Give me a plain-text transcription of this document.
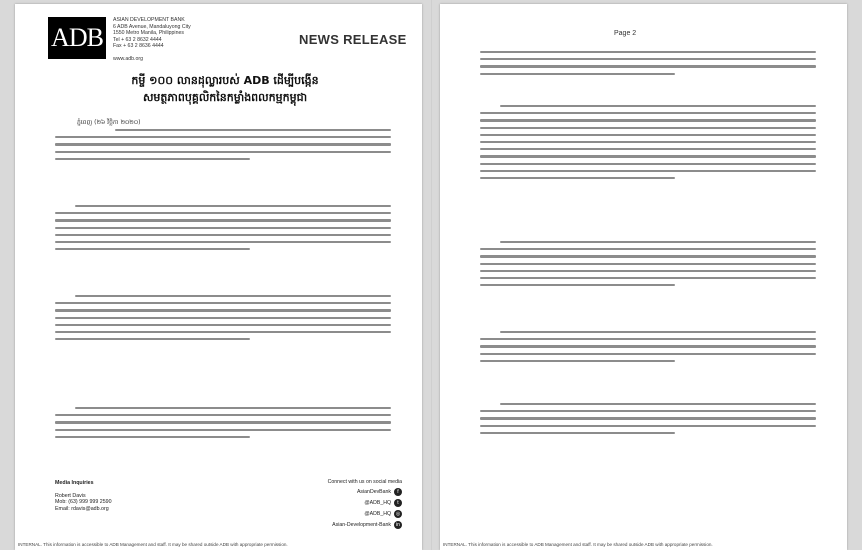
ADB
ASIAN DEVELOPMENT BANK
6 ADB Avenue, Mandaluyong City
1550 Metro Manila, Philippines
Tel + 63 2 8632 4444
Fax + 63 2 8636 4444
www.adb.org
NEWS RELEASE
កម្ចី ១០០ លានដុល្លារបស់ ADB ដើម្បីបង្កើន
សមត្ថភាពបុគ្គលិកនៃកម្លាំងពលកម្មកម្ពុជា
ភ្នំពេញ (២៦ វិច្ឆិកា ២០២០)
Media Inquiries
Robert Davis
Mob: (63) 999 999 2590
Email: rdavis@adb.org
Connect with us on social media
AsianDevBank	f
@ADB_HQ	t
@ADB_HQ ◎
Asian-Development-Bank	in
INTERNAL. This information is accessible to ADB Management and staff. It may be shared outside ADB with appropriate permission.
Page 2
INTERNAL. This information is accessible to ADB Management and staff. It may be shared outside ADB with appropriate permission.
